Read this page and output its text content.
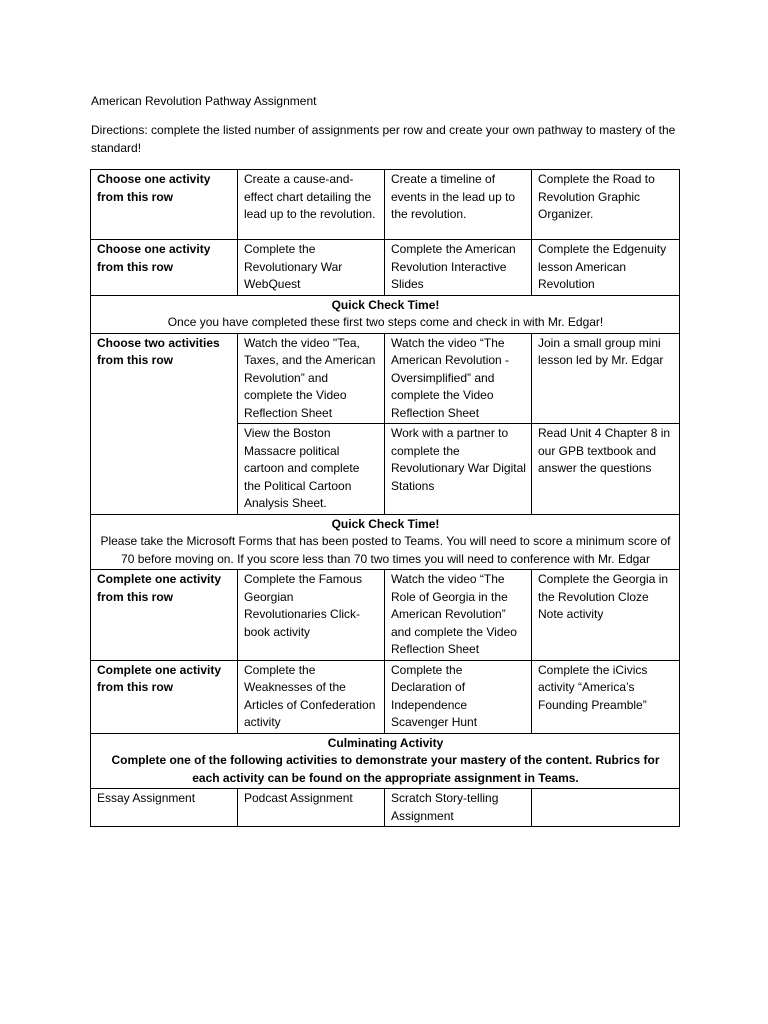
American Revolution Pathway Assignment

Directions: complete the listed number of assignments per row and create your own pathway to mastery of the standard!

Choose one activity from this row	Create a cause-and-effect chart detailing the lead up to the revolution.	Create a timeline of events in the lead up to the revolution.	Complete the Road to Revolution Graphic Organizer.
Choose one activity from this row	Complete the Revolutionary War WebQuest	Complete the American Revolution Interactive Slides	Complete the Edgenuity lesson American Revolution

Quick Check Time!
Once you have completed these first two steps come and check in with Mr. Edgar!			

Choose two activities from this row	Watch the video "Tea, Taxes, and the American Revolution” and complete the Video Reflection Sheet	Watch the video “The American Revolution - Oversimplified” and complete the Video Reflection Sheet	Join a small group mini lesson led by Mr. Edgar
	View the Boston Massacre political cartoon and complete the Political Cartoon Analysis Sheet.	Work with a partner to complete the Revolutionary War Digital Stations	Read Unit 4 Chapter 8 in our GPB textbook and answer the questions

Quick Check Time!
Please take the Microsoft Forms that has been posted to Teams. You will need to score a minimum score of 70 before moving on. If you score less than 70 two times you will need to conference with Mr. Edgar			

Complete one activity from this row	Complete the Famous Georgian Revolutionaries Click-book activity	Watch the video “The Role of Georgia in the American Revolution” and complete the Video Reflection Sheet	Complete the Georgia in the Revolution Cloze Note activity
Complete one activity from this row	Complete the Weaknesses of the Articles of Confederation activity	Complete the Declaration of Independence Scavenger Hunt	Complete the iCivics activity “America’s Founding Preamble”

Culminating Activity
Complete one of the following activities to demonstrate your mastery of the content. Rubrics for each activity can be found on the appropriate assignment in Teams.			

Essay Assignment	Podcast Assignment	Scratch Story-telling Assignment	
